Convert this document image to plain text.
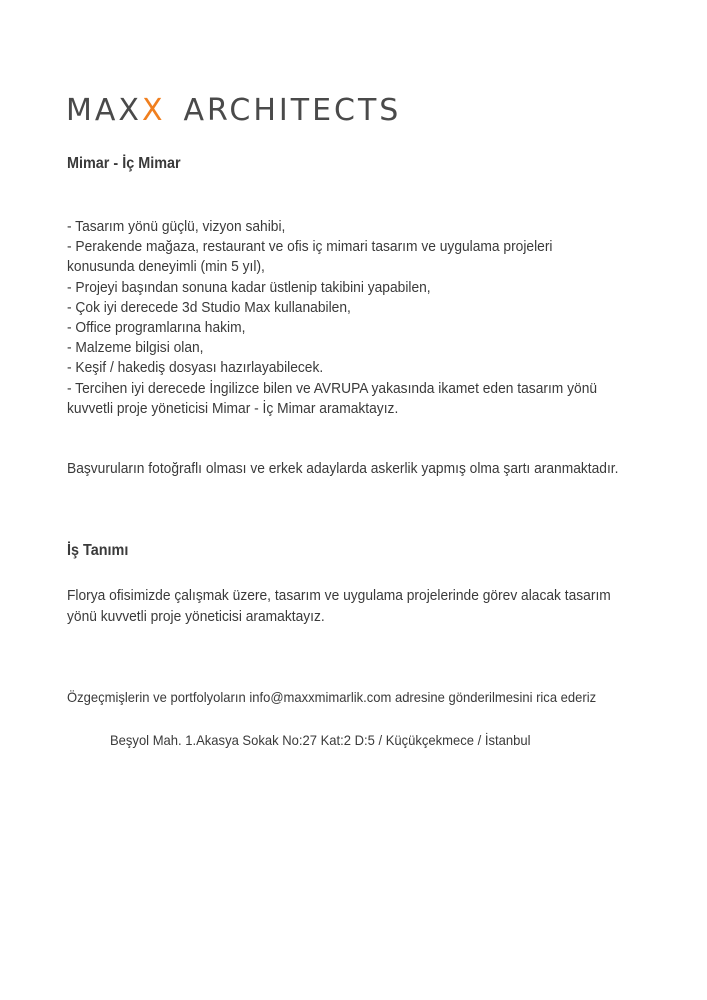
MAX X ARCHITECTS
Mimar - İç Mimar
- Tasarım yönü güçlü, vizyon sahibi,
- Perakende mağaza, restaurant ve ofis iç mimari tasarım ve uygulama projeleri konusunda deneyimli (min 5 yıl),
- Projeyi başından sonuna kadar üstlenip takibini yapabilen,
- Çok iyi derecede 3d Studio Max kullanabilen,
- Office programlarına hakim,
- Malzeme bilgisi olan,
- Keşif / hakediş dosyası hazırlayabilecek.
- Tercihen iyi derecede İngilizce bilen ve AVRUPA yakasında ikamet eden tasarım yönü kuvvetli proje yöneticisi Mimar - İç Mimar aramaktayız.

Başvuruların fotoğraflı olması ve erkek adaylarda askerlik yapmış olma şartı aranmaktadır.

İş Tanımı

Florya ofisimizde çalışmak üzere, tasarım ve uygulama projelerinde görev alacak tasarım yönü kuvvetli proje yöneticisi aramaktayız.

Özgeçmişlerin ve portfolyoların info@maxxmimarlik.com adresine gönderilmesini rica ederiz

Beşyol Mah. 1.Akasya Sokak No:27 Kat:2 D:5 / Küçükçekmece / İstanbul
